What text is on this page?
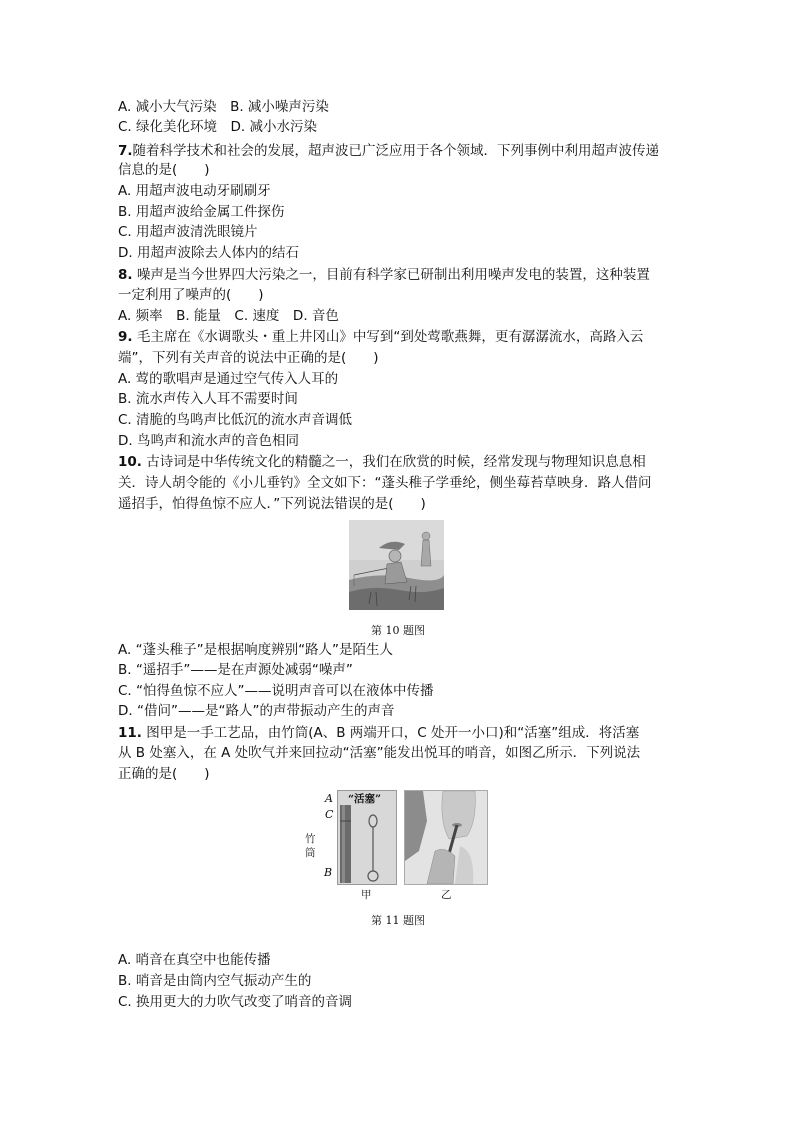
A. 减小大气污染　B. 减小噪声污染
C. 绿化美化环境　D. 减小水污染
7.随着科学技术和社会的发展，超声波已广泛应用于各个领域．下列事例中利用超声波传递
信息的是(　　)
A. 用超声波电动牙刷刷牙
B. 用超声波给金属工件探伤
C. 用超声波清洗眼镜片
D. 用超声波除去人体内的结石
8. 噪声是当今世界四大污染之一，目前有科学家已研制出利用噪声发电的装置，这种装置
一定利用了噪声的(　　)
A. 频率　B. 能量　C. 速度　D. 音色
9. 毛主席在《水调歌头・重上井冈山》中写到“到处莺歌燕舞，更有潺潺流水，高路入云
端”，下列有关声音的说法中正确的是(　　)
A. 莺的歌唱声是通过空气传入人耳的
B. 流水声传入人耳不需要时间
C. 清脆的鸟鸣声比低沉的流水声音调低
D. 鸟鸣声和流水声的音色相同
10. 古诗词是中华传统文化的精髓之一，我们在欣赏的时候，经常发现与物理知识息息相
关．诗人胡令能的《小儿垂钓》全文如下：“蓬头稚子学垂纶，侧坐莓苔草映身．路人借问
遥招手，怕得鱼惊不应人．”下列说法错误的是(　　)
第 10 题图
A. “蓬头稚子”是根据响度辨别“路人”是陌生人
B. “遥招手”——是在声源处减弱“噪声”
C. “怕得鱼惊不应人”——说明声音可以在液体中传播
D. “借问”——是“路人”的声带振动产生的声音
11. 图甲是一手工艺品，由竹筒(A、B 两端开口，C 处开一小口)和“活塞”组成．将活塞
从 B 处塞入，在 A 处吹气并来回拉动“活塞”能发出悦耳的哨音，如图乙所示．下列说法
正确的是(　　)
A
C
竹筒
B
“活塞”
甲	乙
第 11 题图
A. 哨音在真空中也能传播
B. 哨音是由筒内空气振动产生的
C. 换用更大的力吹气改变了哨音的音调
